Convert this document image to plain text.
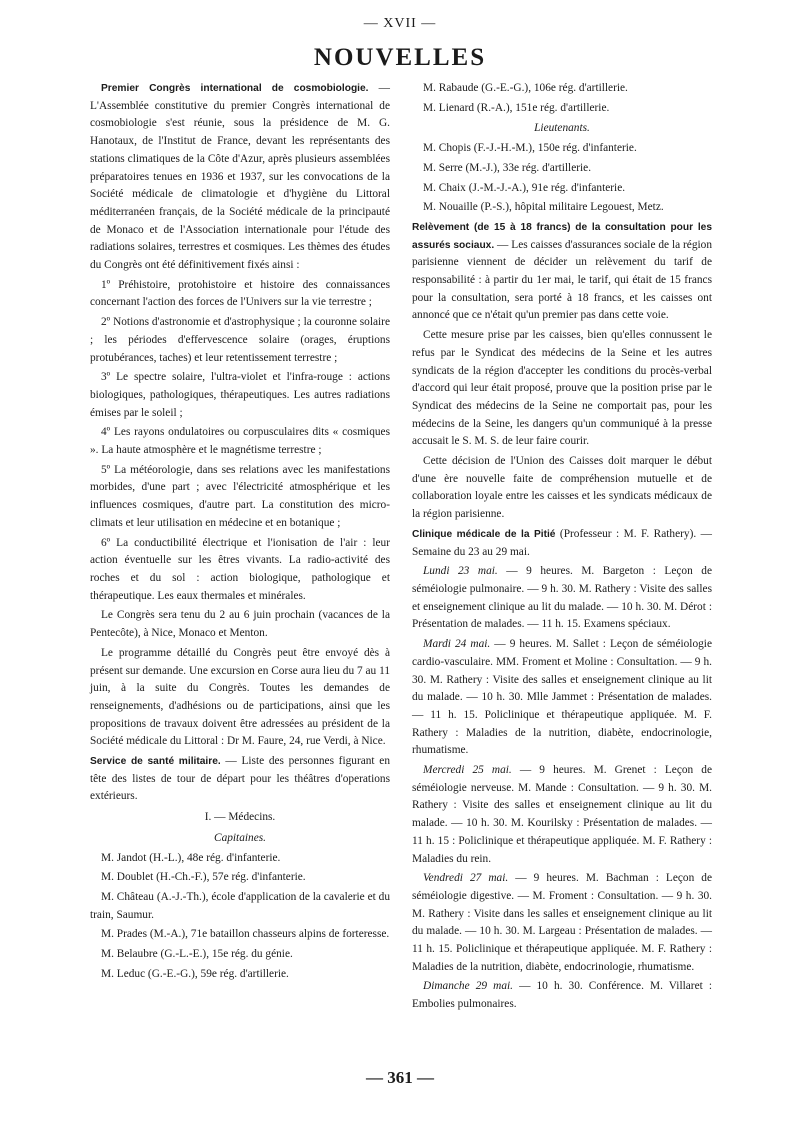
— XVII —
NOUVELLES

Premier Congrès international de cosmobiologie. — L'Assemblée constitutive du premier Congrès international de cosmobiologie s'est réunie, sous la présidence de M. G. Hanotaux, de l'Institut de France, devant les représentants des stations climatiques de la Côte d'Azur, après plusieurs assemblées préparatoires tenues en 1936 et 1937, sur les convocations de la Société médicale de climatologie et d'hygiène du Littoral méditerranéen français, de la Société médicale de la principauté de Monaco et de l'Association internationale pour l'étude des radiations solaires, terrestres et cosmiques. Les thèmes des études du Congrès ont été définitivement fixés ainsi :

1º Préhistoire, protohistoire et histoire des connaissances concernant l'action des forces de l'Univers sur la vie terrestre ;

2º Notions d'astronomie et d'astrophysique ; la couronne solaire ; les périodes d'effervescence solaire (orages, éruptions protubérances, taches) et leur retentissement terrestre ;

3º Le spectre solaire, l'ultra-violet et l'infra-rouge : actions biologiques, pathologiques, thérapeutiques. Les autres radiations émises par le soleil ;

4º Les rayons ondulatoires ou corpusculaires dits « cosmiques ». La haute atmosphère et le magnétisme terrestre ;

5º La météorologie, dans ses relations avec les manifestations morbides, d'une part ; avec l'électricité atmosphérique et les influences cosmiques, d'autre part. La constitution des micro-climats et leur utilisation en médecine et en botanique ;

6º La conductibilité électrique et l'ionisation de l'air : leur action éventuelle sur les êtres vivants. La radio-activité des roches et du sol : action biologique, pathologique et thérapeutique. Les eaux thermales et minérales.

Le Congrès sera tenu du 2 au 6 juin prochain (vacances de la Pentecôte), à Nice, Monaco et Menton.

Le programme détaillé du Congrès peut être envoyé dès à présent sur demande. Une excursion en Corse aura lieu du 7 au 11 juin, à la suite du Congrès. Toutes les demandes de renseignements, d'adhésions ou de participations, ainsi que les propositions de travaux doivent être adressées au président de la Société médicale du Littoral : Dr M. Faure, 24, rue Verdi, à Nice.

Service de santé militaire. — Liste des personnes figurant en tête des listes de tour de départ pour les théâtres d'operations extérieurs.

I. — Médecins.

Capitaines.

M. Jandot (H.-L.), 48e rég. d'infanterie.

M. Doublet (H.-Ch.-F.), 57e rég. d'infanterie.

M. Château (A.-J.-Th.), école d'application de la cavalerie et du train, Saumur.

M. Prades (M.-A.), 71e bataillon chasseurs alpins de forteresse.

M. Belaubre (G.-L.-E.), 15e rég. du génie.

M. Leduc (G.-E.-G.), 59e rég. d'artillerie.

M. Rabaude (G.-E.-G.), 106e rég. d'artillerie.

M. Lienard (R.-A.), 151e rég. d'artillerie.

Lieutenants.

M. Chopis (F.-J.-H.-M.), 150e rég. d'infanterie.

M. Serre (M.-J.), 33e rég. d'artillerie.

M. Chaix (J.-M.-J.-A.), 91e rég. d'infanterie.

M. Nouaille (P.-S.), hôpital militaire Legouest, Metz.

Relèvement (de 15 à 18 francs) de la consultation pour les assurés sociaux. — Les caisses d'assurances sociale de la région parisienne viennent de décider un relèvement du tarif de responsabilité : à partir du 1er mai, le tarif, qui était de 15 francs pour la consultation, sera porté à 18 francs, et les caisses ont annoncé que ce n'était qu'un premier pas dans cette voie.

Cette mesure prise par les caisses, bien qu'elles connussent le refus par le Syndicat des médecins de la Seine et les autres syndicats de la région d'accepter les conditions du procès-verbal d'accord qui leur était proposé, prouve que la position prise par le Syndicat des médecins de la Seine ne comportait pas, pour les médecins de la Seine, les dangers qu'un communiqué à la presse accusait le S. M. S. de leur faire courir.

Cette décision de l'Union des Caisses doit marquer le début d'une ère nouvelle faite de compréhension mutuelle et de collaboration loyale entre les caisses et les syndicats médicaux de la région parisienne.

Clinique médicale de la Pitié (Professeur : M. F. Rathery). — Semaine du 23 au 29 mai.

Lundi 23 mai. — 9 heures. M. Bargeton : Leçon de séméiologie pulmonaire. — 9 h. 30. M. Rathery : Visite des salles et enseignement clinique au lit du malade. — 10 h. 30. M. Dérot : Présentation de malades. — 11 h. 15. Examens spéciaux.

Mardi 24 mai. — 9 heures. M. Sallet : Leçon de séméiologie cardio-vasculaire. MM. Froment et Moline : Consultation. — 9 h. 30. M. Rathery : Visite des salles et enseignement clinique au lit du malade. — 10 h. 30. Mlle Jammet : Présentation de malades. — 11 h. 15. Policlinique et thérapeutique appliquée. M. F. Rathery : Maladies de la nutrition, diabète, endocrinologie, rhumatisme.

Mercredi 25 mai. — 9 heures. M. Grenet : Leçon de séméiologie nerveuse. M. Mande : Consultation. — 9 h. 30. M. Rathery : Visite des salles et enseignement clinique au lit du malade. — 10 h. 30. M. Kourilsky : Présentation de malades. — 11 h. 15 : Policlinique et thérapeutique appliquée. M. F. Rathery : Maladies du rein.

Vendredi 27 mai. — 9 heures. M. Bachman : Leçon de séméiologie digestive. — M. Froment : Consultation. — 9 h. 30. M. Rathery : Visite dans les salles et enseignement clinique au lit du malade. — 10 h. 30. M. Largeau : Présentation de malades. — 11 h. 15. Policlinique et thérapeutique appliquée. M. F. Rathery : Maladies de la nutrition, diabète, endocrinologie, rhumatisme.

Dimanche 29 mai. — 10 h. 30. Conférence. M. Villaret : Embolies pulmonaires.

— 361 —
